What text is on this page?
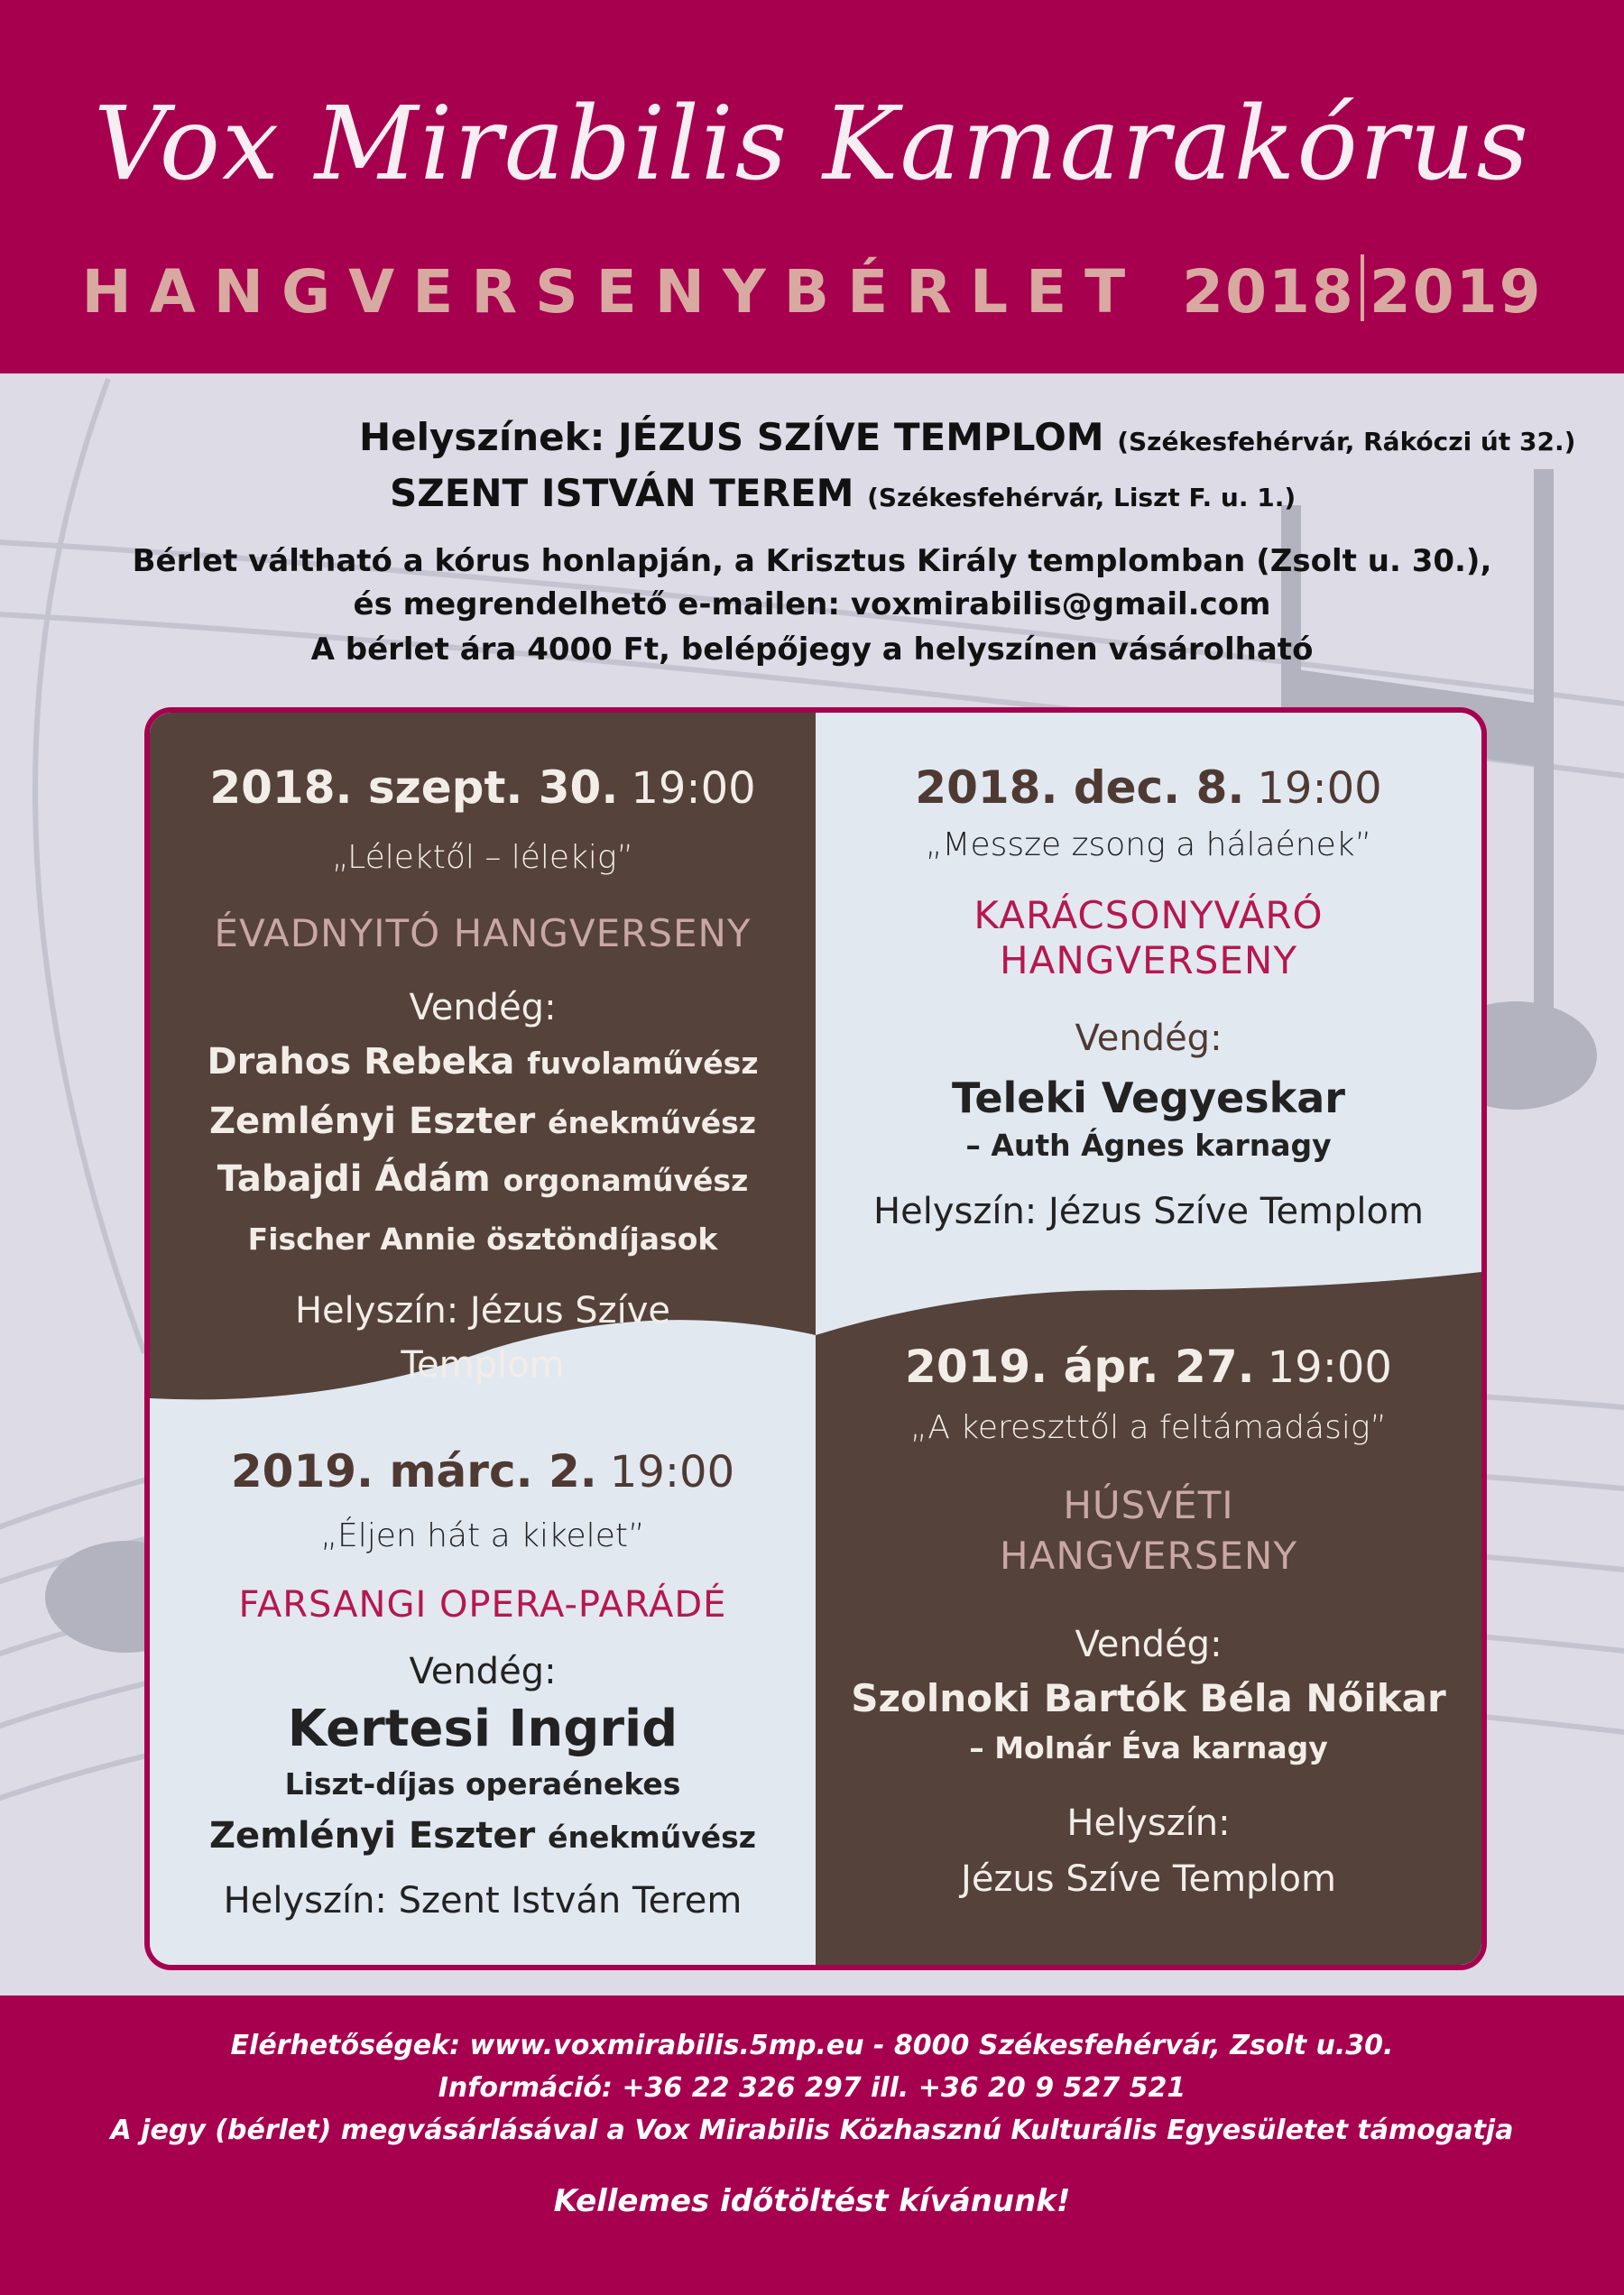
Vox Mirabilis Kamarakórus
HANGVERSENYBÉRLET 2018 2019
Helyszínek: JÉZUS SZÍVE TEMPLOM (Székesfehérvár, Rákóczi út 32.)
SZENT ISTVÁN TEREM (Székesfehérvár, Liszt F. u. 1.)
Bérlet váltható a kórus honlapján, a Krisztus Király templomban (Zsolt u. 30.),
és megrendelhető e-mailen: voxmirabilis@gmail.com
A bérlet ára 4000 Ft, belépőjegy a helyszínen vásárolható
2018. szept. 30. 19:00
„Lélektől – lélekig”
ÉVADNYITÓ HANGVERSENY
Vendég:
Drahos Rebeka fuvolaművész
Zemlényi Eszter énekművész
Tabajdi Ádám orgonaművész
Fischer Annie ösztöndíjasok
Helyszín: Jézus Szíve
Templom
2018. dec. 8. 19:00
„Messze zsong a hálaének”
KARÁCSONYVÁRÓ
HANGVERSENY
Vendég:
Teleki Vegyeskar
– Auth Ágnes karnagy
Helyszín: Jézus Szíve Templom
2019. márc. 2. 19:00
„Éljen hát a kikelet”
FARSANGI OPERA-PARÁDÉ
Vendég:
Kertesi Ingrid
Liszt-díjas operaénekes
Zemlényi Eszter énekművész
Helyszín: Szent István Terem
2019. ápr. 27. 19:00
„A kereszttől a feltámadásig”
HÚSVÉTI
HANGVERSENY
Vendég:
Szolnoki Bartók Béla Nőikar
– Molnár Éva karnagy
Helyszín:
Jézus Szíve Templom
Elérhetőségek: www.voxmirabilis.5mp.eu - 8000 Székesfehérvár, Zsolt u.30.
Információ: +36 22 326 297 ill. +36 20 9 527 521
A jegy (bérlet) megvásárlásával a Vox Mirabilis Közhasznú Kulturális Egyesületet támogatja
Kellemes időtöltést kívánunk!
